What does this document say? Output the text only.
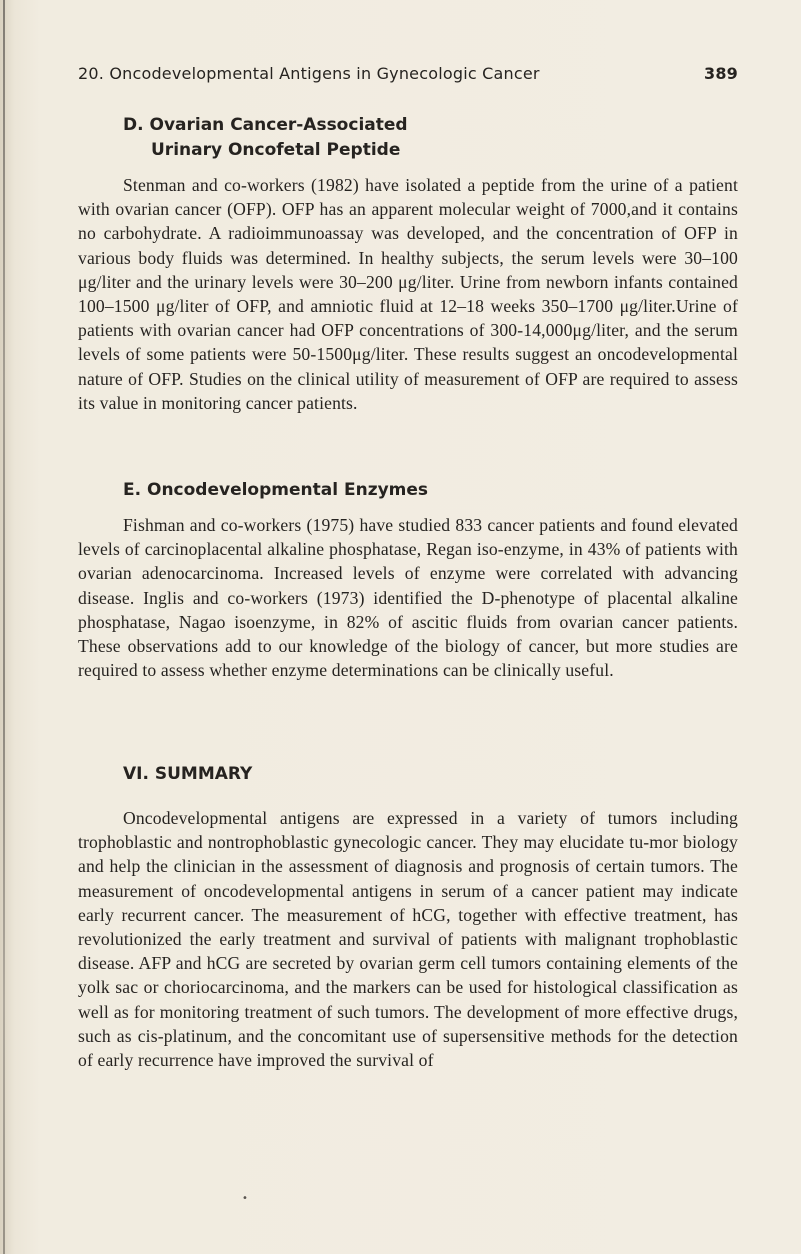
20. Oncodevelopmental Antigens in Gynecologic Cancer	389
D. Ovarian Cancer-Associated
Urinary Oncofetal Peptide

Stenman and co-workers (1982) have isolated a peptide from the urine of a patient with ovarian cancer (OFP). OFP has an apparent molecular weight of 7000,and it contains no carbohydrate. A radioimmunoassay was developed, and the concentration of OFP in various body fluids was determined. In healthy subjects, the serum levels were 30–100 μg/liter and the urinary levels were 30–200 μg/liter. Urine from newborn infants contained 100–1500 μg/liter of OFP, and amniotic fluid at 12–18 weeks 350–1700 μg/liter.Urine of patients with ovarian cancer had OFP concentrations of 300-14,000μg/liter, and the serum levels of some patients were 50-1500μg/liter. These results suggest an oncodevelopmental nature of OFP. Studies on the clinical utility of measurement of OFP are required to assess its value in monitoring cancer patients.

E. Oncodevelopmental Enzymes

Fishman and co-workers (1975) have studied 833 cancer patients and found elevated levels of carcinoplacental alkaline phosphatase, Regan iso-enzyme, in 43% of patients with ovarian adenocarcinoma. Increased levels of enzyme were correlated with advancing disease. Inglis and co-workers (1973) identified the D-phenotype of placental alkaline phosphatase, Nagao isoenzyme, in 82% of ascitic fluids from ovarian cancer patients. These observations add to our knowledge of the biology of cancer, but more studies are required to assess whether enzyme determinations can be clinically useful.

VI. SUMMARY

Oncodevelopmental antigens are expressed in a variety of tumors including trophoblastic and nontrophoblastic gynecologic cancer. They may elucidate tu-mor biology and help the clinician in the assessment of diagnosis and prognosis of certain tumors. The measurement of oncodevelopmental antigens in serum of a cancer patient may indicate early recurrent cancer. The measurement of hCG, together with effective treatment, has revolutionized the early treatment and survival of patients with malignant trophoblastic disease. AFP and hCG are secreted by ovarian germ cell tumors containing elements of the yolk sac or choriocarcinoma, and the markers can be used for histological classification as well as for monitoring treatment of such tumors. The development of more effective drugs, such as cis-platinum, and the concomitant use of supersensitive methods for the detection of early recurrence have improved the survival of

•
